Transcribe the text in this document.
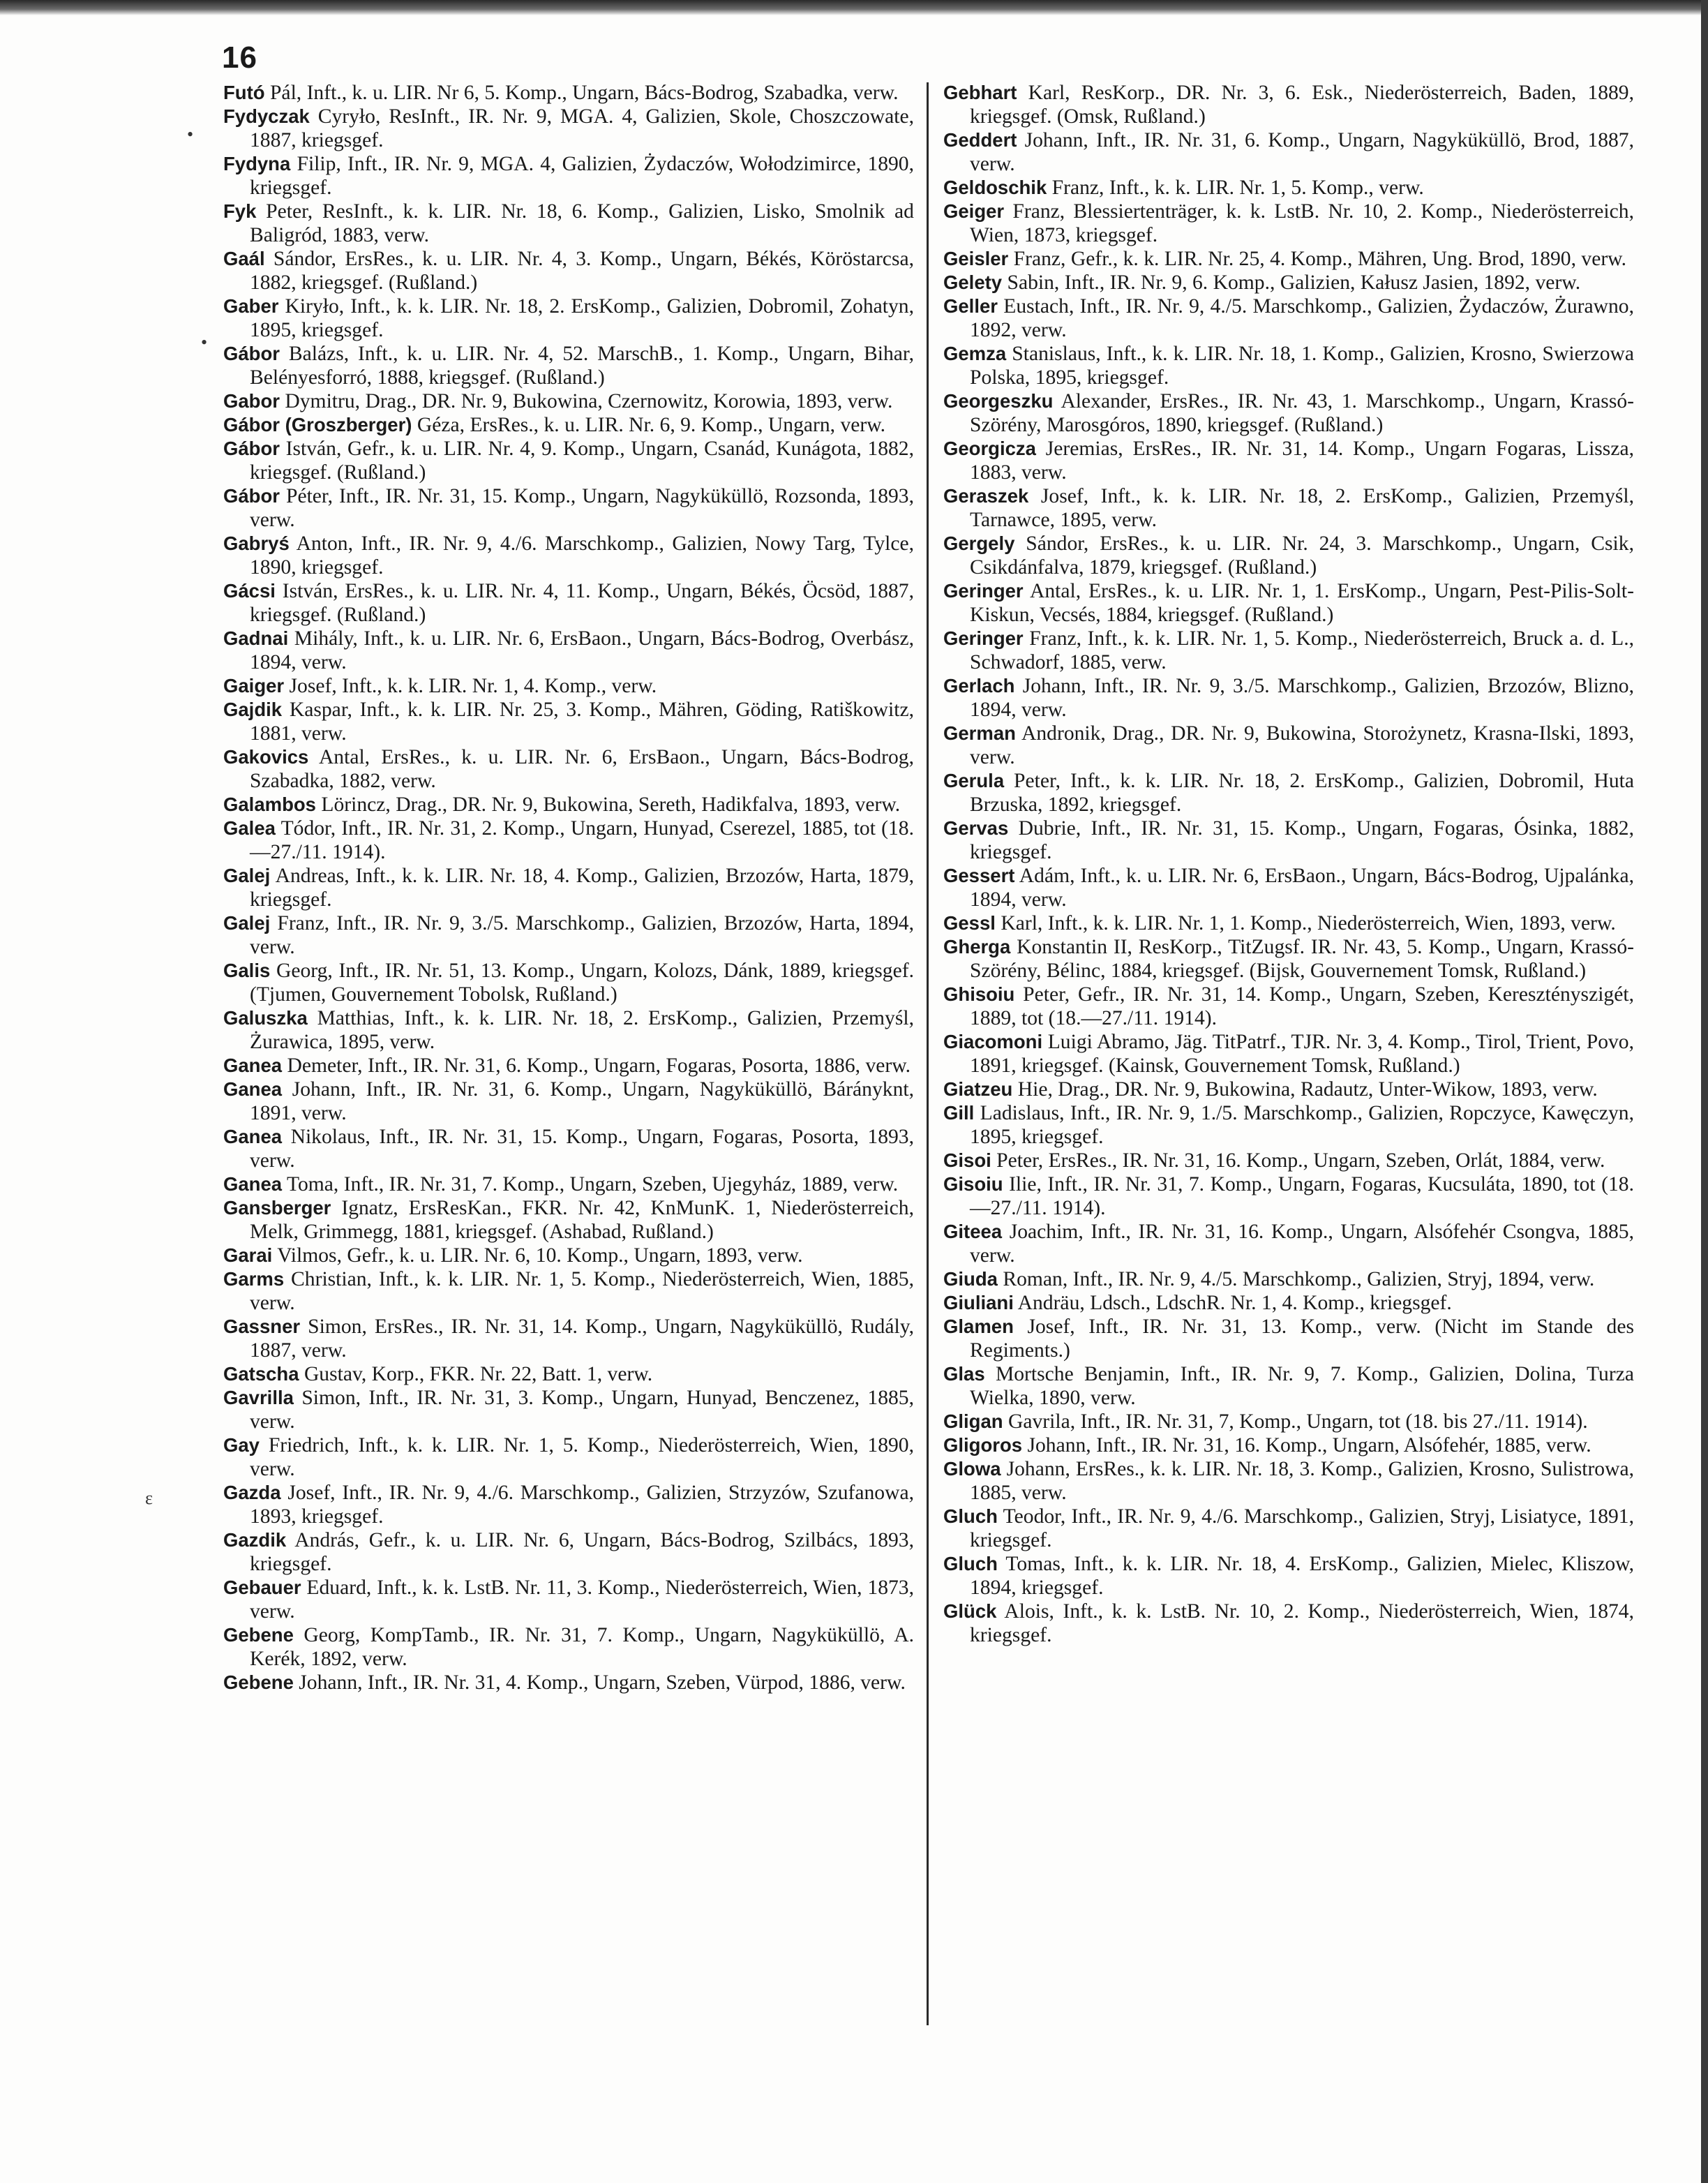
16
•
•
ε

Futó Pál, Inft., k. u. LIR. Nr 6, 5. Komp., Ungarn, Bács-Bodrog, Szabadka, verw.

Fydyczak Cyryło, ResInft., IR. Nr. 9, MGA. 4, Galizien, Skole, Choszczowate, 1887, kriegsgef.

Fydyna Filip, Inft., IR. Nr. 9, MGA. 4, Galizien, Żydaczów, Wołodzimirce, 1890, kriegsgef.

Fyk Peter, ResInft., k. k. LIR. Nr. 18, 6. Komp., Galizien, Lisko, Smolnik ad Baligród, 1883, verw.

Gaál Sándor, ErsRes., k. u. LIR. Nr. 4, 3. Komp., Ungarn, Békés, Köröstarcsa, 1882, kriegsgef. (Rußland.)

Gaber Kiryło, Inft., k. k. LIR. Nr. 18, 2. ErsKomp., Galizien, Dobromil, Zohatyn, 1895, kriegsgef.

Gábor Balázs, Inft., k. u. LIR. Nr. 4, 52. MarschB., 1. Komp., Ungarn, Bihar, Belényesforró, 1888, kriegsgef. (Rußland.)

Gabor Dymitru, Drag., DR. Nr. 9, Bukowina, Czernowitz, Korowia, 1893, verw.

Gábor (Groszberger) Géza, ErsRes., k. u. LIR. Nr. 6, 9. Komp., Ungarn, verw.

Gábor István, Gefr., k. u. LIR. Nr. 4, 9. Komp., Ungarn, Csanád, Kunágota, 1882, kriegsgef. (Rußland.)

Gábor Péter, Inft., IR. Nr. 31, 15. Komp., Ungarn, Nagyküküllö, Rozsonda, 1893, verw.

Gabryś Anton, Inft., IR. Nr. 9, 4./6. Marschkomp., Galizien, Nowy Targ, Tylce, 1890, kriegsgef.

Gácsi István, ErsRes., k. u. LIR. Nr. 4, 11. Komp., Ungarn, Békés, Öcsöd, 1887, kriegsgef. (Rußland.)

Gadnai Mihály, Inft., k. u. LIR. Nr. 6, ErsBaon., Ungarn, Bács-Bodrog, Overbász, 1894, verw.

Gaiger Josef, Inft., k. k. LIR. Nr. 1, 4. Komp., verw.

Gajdik Kaspar, Inft., k. k. LIR. Nr. 25, 3. Komp., Mähren, Göding, Ratiškowitz, 1881, verw.

Gakovics Antal, ErsRes., k. u. LIR. Nr. 6, ErsBaon., Ungarn, Bács-Bodrog, Szabadka, 1882, verw.

Galambos Lörincz, Drag., DR. Nr. 9, Bukowina, Sereth, Hadikfalva, 1893, verw.

Galea Tódor, Inft., IR. Nr. 31, 2. Komp., Ungarn, Hunyad, Cserezel, 1885, tot (18.—27./11. 1914).

Galej Andreas, Inft., k. k. LIR. Nr. 18, 4. Komp., Galizien, Brzozów, Harta, 1879, kriegsgef.

Galej Franz, Inft., IR. Nr. 9, 3./5. Marschkomp., Galizien, Brzozów, Harta, 1894, verw.

Galis Georg, Inft., IR. Nr. 51, 13. Komp., Ungarn, Kolozs, Dánk, 1889, kriegsgef. (Tjumen, Gouvernement Tobolsk, Rußland.)

Galuszka Matthias, Inft., k. k. LIR. Nr. 18, 2. ErsKomp., Galizien, Przemyśl, Żurawica, 1895, verw.

Ganea Demeter, Inft., IR. Nr. 31, 6. Komp., Ungarn, Fogaras, Posorta, 1886, verw.

Ganea Johann, Inft., IR. Nr. 31, 6. Komp., Ungarn, Nagyküküllö, Bárányknt, 1891, verw.

Ganea Nikolaus, Inft., IR. Nr. 31, 15. Komp., Ungarn, Fogaras, Posorta, 1893, verw.

Ganea Toma, Inft., IR. Nr. 31, 7. Komp., Ungarn, Szeben, Ujegyház, 1889, verw.

Gansberger Ignatz, ErsResKan., FKR. Nr. 42, KnMunK. 1, Niederösterreich, Melk, Grimmegg, 1881, kriegsgef. (Ashabad, Rußland.)

Garai Vilmos, Gefr., k. u. LIR. Nr. 6, 10. Komp., Ungarn, 1893, verw.

Garms Christian, Inft., k. k. LIR. Nr. 1, 5. Komp., Niederösterreich, Wien, 1885, verw.

Gassner Simon, ErsRes., IR. Nr. 31, 14. Komp., Ungarn, Nagyküküllö, Rudály, 1887, verw.

Gatscha Gustav, Korp., FKR. Nr. 22, Batt. 1, verw.

Gavrilla Simon, Inft., IR. Nr. 31, 3. Komp., Ungarn, Hunyad, Benczenez, 1885, verw.

Gay Friedrich, Inft., k. k. LIR. Nr. 1, 5. Komp., Niederösterreich, Wien, 1890, verw.

Gazda Josef, Inft., IR. Nr. 9, 4./6. Marschkomp., Galizien, Strzyzów, Szufanowa, 1893, kriegsgef.

Gazdik András, Gefr., k. u. LIR. Nr. 6, Ungarn, Bács-Bodrog, Szilbács, 1893, kriegsgef.

Gebauer Eduard, Inft., k. k. LstB. Nr. 11, 3. Komp., Niederösterreich, Wien, 1873, verw.

Gebene Georg, KompTamb., IR. Nr. 31, 7. Komp., Ungarn, Nagyküküllö, A. Kerék, 1892, verw.

Gebene Johann, Inft., IR. Nr. 31, 4. Komp., Ungarn, Szeben, Vürpod, 1886, verw.

Gebhart Karl, ResKorp., DR. Nr. 3, 6. Esk., Niederösterreich, Baden, 1889, kriegsgef. (Omsk, Rußland.)

Geddert Johann, Inft., IR. Nr. 31, 6. Komp., Ungarn, Nagyküküllö, Brod, 1887, verw.

Geldoschik Franz, Inft., k. k. LIR. Nr. 1, 5. Komp., verw.

Geiger Franz, Blessiertenträger, k. k. LstB. Nr. 10, 2. Komp., Niederösterreich, Wien, 1873, kriegsgef.

Geisler Franz, Gefr., k. k. LIR. Nr. 25, 4. Komp., Mähren, Ung. Brod, 1890, verw.

Gelety Sabin, Inft., IR. Nr. 9, 6. Komp., Galizien, Kałusz Jasien, 1892, verw.

Geller Eustach, Inft., IR. Nr. 9, 4./5. Marschkomp., Galizien, Żydaczów, Żurawno, 1892, verw.

Gemza Stanislaus, Inft., k. k. LIR. Nr. 18, 1. Komp., Galizien, Krosno, Swierzowa Polska, 1895, kriegsgef.

Georgeszku Alexander, ErsRes., IR. Nr. 43, 1. Marschkomp., Ungarn, Krassó-Szörény, Marosgóros, 1890, kriegsgef. (Rußland.)

Georgicza Jeremias, ErsRes., IR. Nr. 31, 14. Komp., Ungarn Fogaras, Lissza, 1883, verw.

Geraszek Josef, Inft., k. k. LIR. Nr. 18, 2. ErsKomp., Galizien, Przemyśl, Tarnawce, 1895, verw.

Gergely Sándor, ErsRes., k. u. LIR. Nr. 24, 3. Marschkomp., Ungarn, Csik, Csikdánfalva, 1879, kriegsgef. (Rußland.)

Geringer Antal, ErsRes., k. u. LIR. Nr. 1, 1. ErsKomp., Ungarn, Pest-Pilis-Solt-Kiskun, Vecsés, 1884, kriegsgef. (Rußland.)

Geringer Franz, Inft., k. k. LIR. Nr. 1, 5. Komp., Niederösterreich, Bruck a. d. L., Schwadorf, 1885, verw.

Gerlach Johann, Inft., IR. Nr. 9, 3./5. Marschkomp., Galizien, Brzozów, Blizno, 1894, verw.

German Andronik, Drag., DR. Nr. 9, Bukowina, Storożynetz, Krasna-Ilski, 1893, verw.

Gerula Peter, Inft., k. k. LIR. Nr. 18, 2. ErsKomp., Galizien, Dobromil, Huta Brzuska, 1892, kriegsgef.

Gervas Dubrie, Inft., IR. Nr. 31, 15. Komp., Ungarn, Fogaras, Ósinka, 1882, kriegsgef.

Gessert Adám, Inft., k. u. LIR. Nr. 6, ErsBaon., Ungarn, Bács-Bodrog, Ujpalánka, 1894, verw.

Gessl Karl, Inft., k. k. LIR. Nr. 1, 1. Komp., Niederösterreich, Wien, 1893, verw.

Gherga Konstantin II, ResKorp., TitZugsf. IR. Nr. 43, 5. Komp., Ungarn, Krassó-Szörény, Bélinc, 1884, kriegsgef. (Bijsk, Gouvernement Tomsk, Rußland.)

Ghisoiu Peter, Gefr., IR. Nr. 31, 14. Komp., Ungarn, Szeben, Keresztényszigét, 1889, tot (18.—27./11. 1914).

Giacomoni Luigi Abramo, Jäg. TitPatrf., TJR. Nr. 3, 4. Komp., Tirol, Trient, Povo, 1891, kriegsgef. (Kainsk, Gouvernement Tomsk, Rußland.)

Giatzeu Hie, Drag., DR. Nr. 9, Bukowina, Radautz, Unter-Wikow, 1893, verw.

Gill Ladislaus, Inft., IR. Nr. 9, 1./5. Marschkomp., Galizien, Ropczyce, Kawęczyn, 1895, kriegsgef.

Gisoi Peter, ErsRes., IR. Nr. 31, 16. Komp., Ungarn, Szeben, Orlát, 1884, verw.

Gisoiu Ilie, Inft., IR. Nr. 31, 7. Komp., Ungarn, Fogaras, Kucsuláta, 1890, tot (18.—27./11. 1914).

Giteea Joachim, Inft., IR. Nr. 31, 16. Komp., Ungarn, Alsófehér Csongva, 1885, verw.

Giuda Roman, Inft., IR. Nr. 9, 4./5. Marschkomp., Galizien, Stryj, 1894, verw.

Giuliani Andräu, Ldsch., LdschR. Nr. 1, 4. Komp., kriegsgef.

Glamen Josef, Inft., IR. Nr. 31, 13. Komp., verw. (Nicht im Stande des Regiments.)

Glas Mortsche Benjamin, Inft., IR. Nr. 9, 7. Komp., Galizien, Dolina, Turza Wielka, 1890, verw.

Gligan Gavrila, Inft., IR. Nr. 31, 7, Komp., Ungarn, tot (18. bis 27./11. 1914).

Gligoros Johann, Inft., IR. Nr. 31, 16. Komp., Ungarn, Alsófehér, 1885, verw.

Glowa Johann, ErsRes., k. k. LIR. Nr. 18, 3. Komp., Galizien, Krosno, Sulistrowa, 1885, verw.

Gluch Teodor, Inft., IR. Nr. 9, 4./6. Marschkomp., Galizien, Stryj, Lisiatyce, 1891, kriegsgef.

Gluch Tomas, Inft., k. k. LIR. Nr. 18, 4. ErsKomp., Galizien, Mielec, Kliszow, 1894, kriegsgef.

Glück Alois, Inft., k. k. LstB. Nr. 10, 2. Komp., Niederösterreich, Wien, 1874, kriegsgef.
